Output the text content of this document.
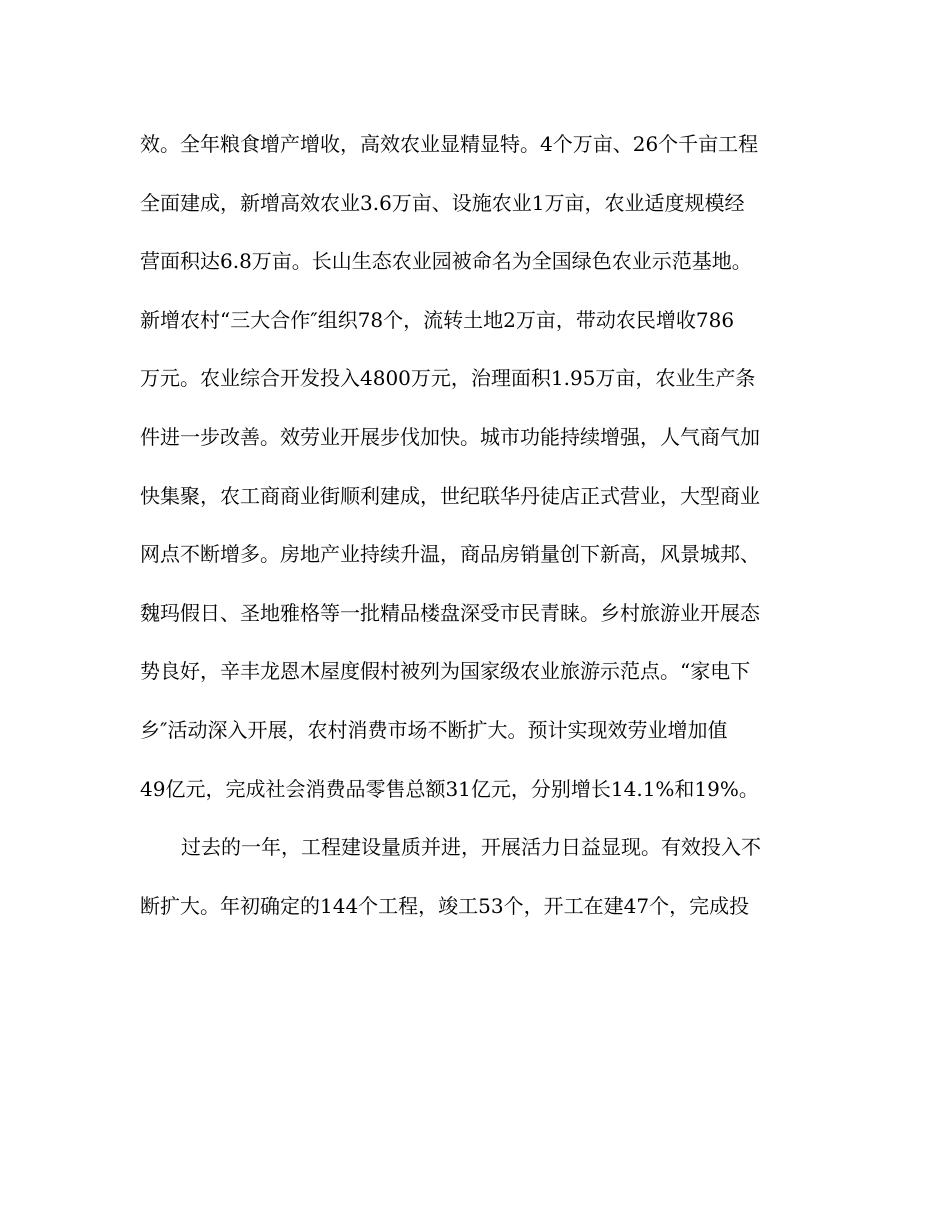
效。全年粮食增产增收，高效农业显精显特。4个万亩、26个千亩工程
全面建成，新增高效农业3.6万亩、设施农业1万亩，农业适度规模经
营面积达6.8万亩。长山生态农业园被命名为全国绿色农业示范基地。
新增农村“三大合作″组织78个，流转土地2万亩，带动农民增收786
万元。农业综合开发投入4800万元，治理面积1.95万亩，农业生产条
件进一步改善。效劳业开展步伐加快。城市功能持续增强，人气商气加
快集聚，农工商商业街顺利建成，世纪联华丹徒店正式营业，大型商业
网点不断增多。房地产业持续升温，商品房销量创下新高，风景城邦、
魏玛假日、圣地雅格等一批精品楼盘深受市民青睐。乡村旅游业开展态
势良好，辛丰龙恩木屋度假村被列为国家级农业旅游示范点。“家电下
乡″活动深入开展，农村消费市场不断扩大。预计实现效劳业增加值
49亿元，完成社会消费品零售总额31亿元，分别增长14.1%和19%。
过去的一年，工程建设量质并进，开展活力日益显现。有效投入不
断扩大。年初确定的144个工程，竣工53个，开工在建47个，完成投
